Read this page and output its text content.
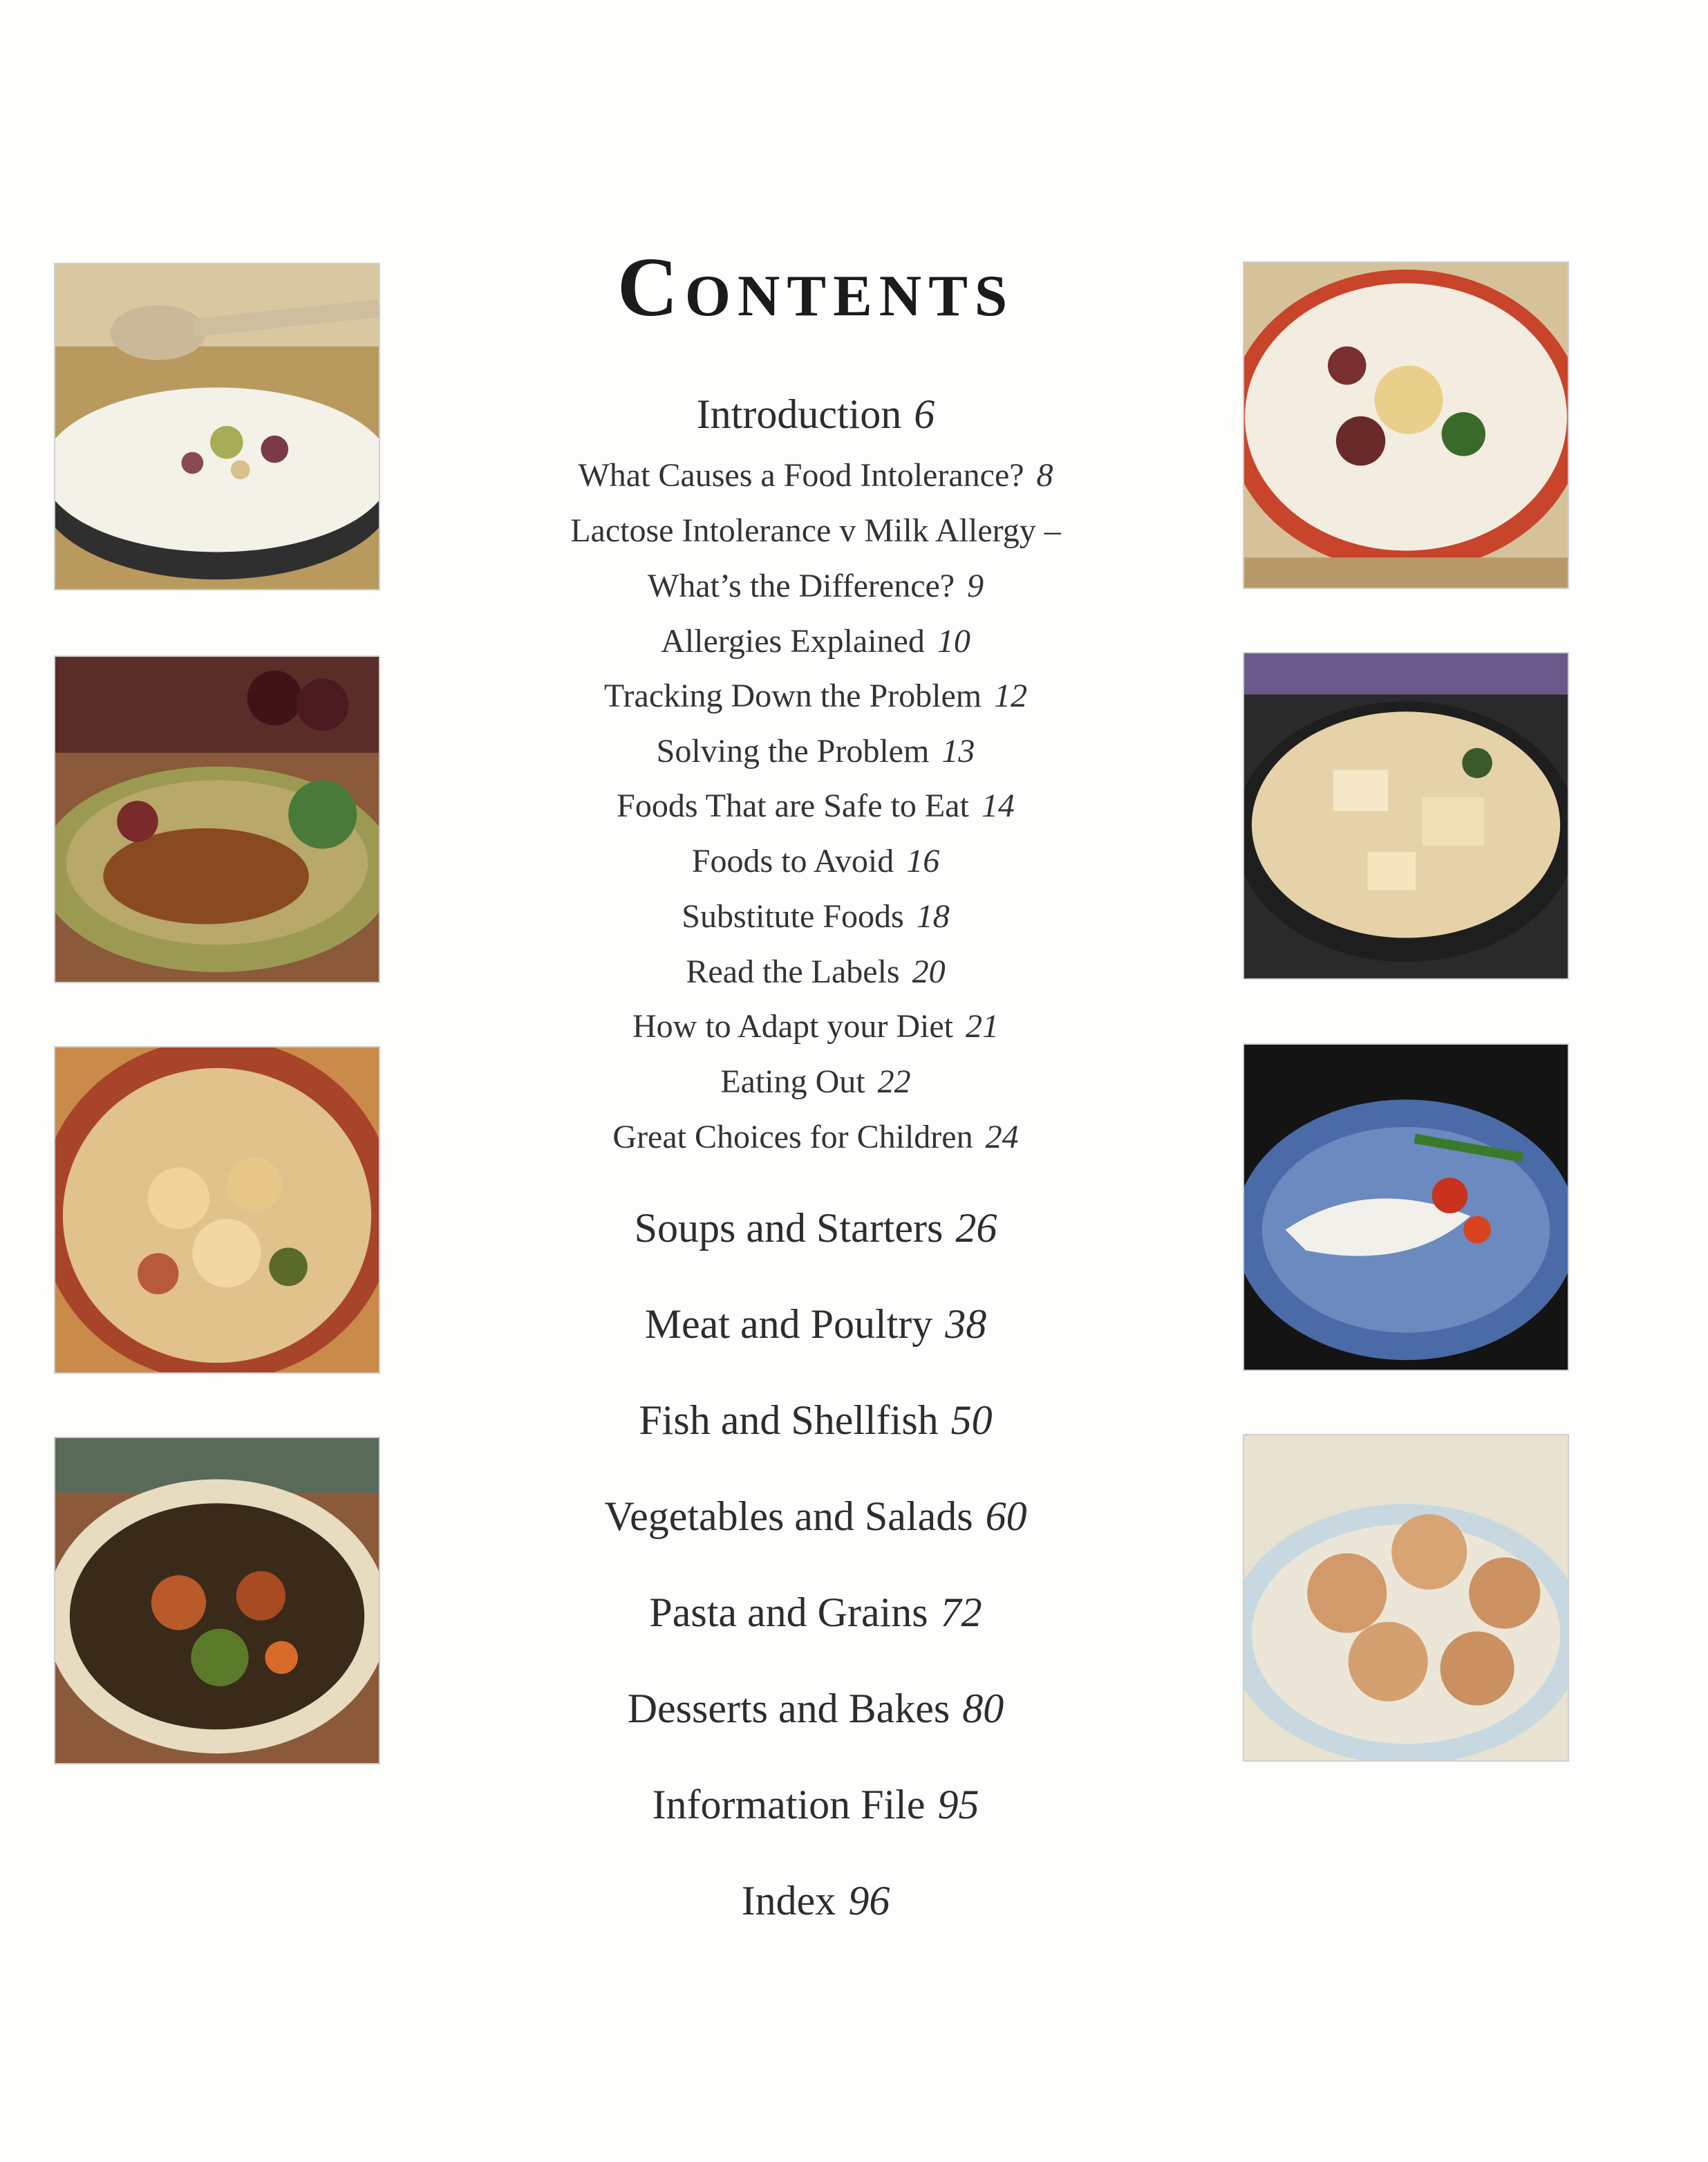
Contents

Introduction 6

What Causes a Food Intolerance? 8

Lactose Intolerance v Milk Allergy –

What’s the Difference? 9

Allergies Explained 10

Tracking Down the Problem 12

Solving the Problem 13

Foods That are Safe to Eat 14

Foods to Avoid 16

Substitute Foods 18

Read the Labels 20

How to Adapt your Diet 21

Eating Out 22

Great Choices for Children 24

Soups and Starters 26

Meat and Poultry 38

Fish and Shellfish 50

Vegetables and Salads 60

Pasta and Grains 72

Desserts and Bakes 80

Information File 95

Index 96
